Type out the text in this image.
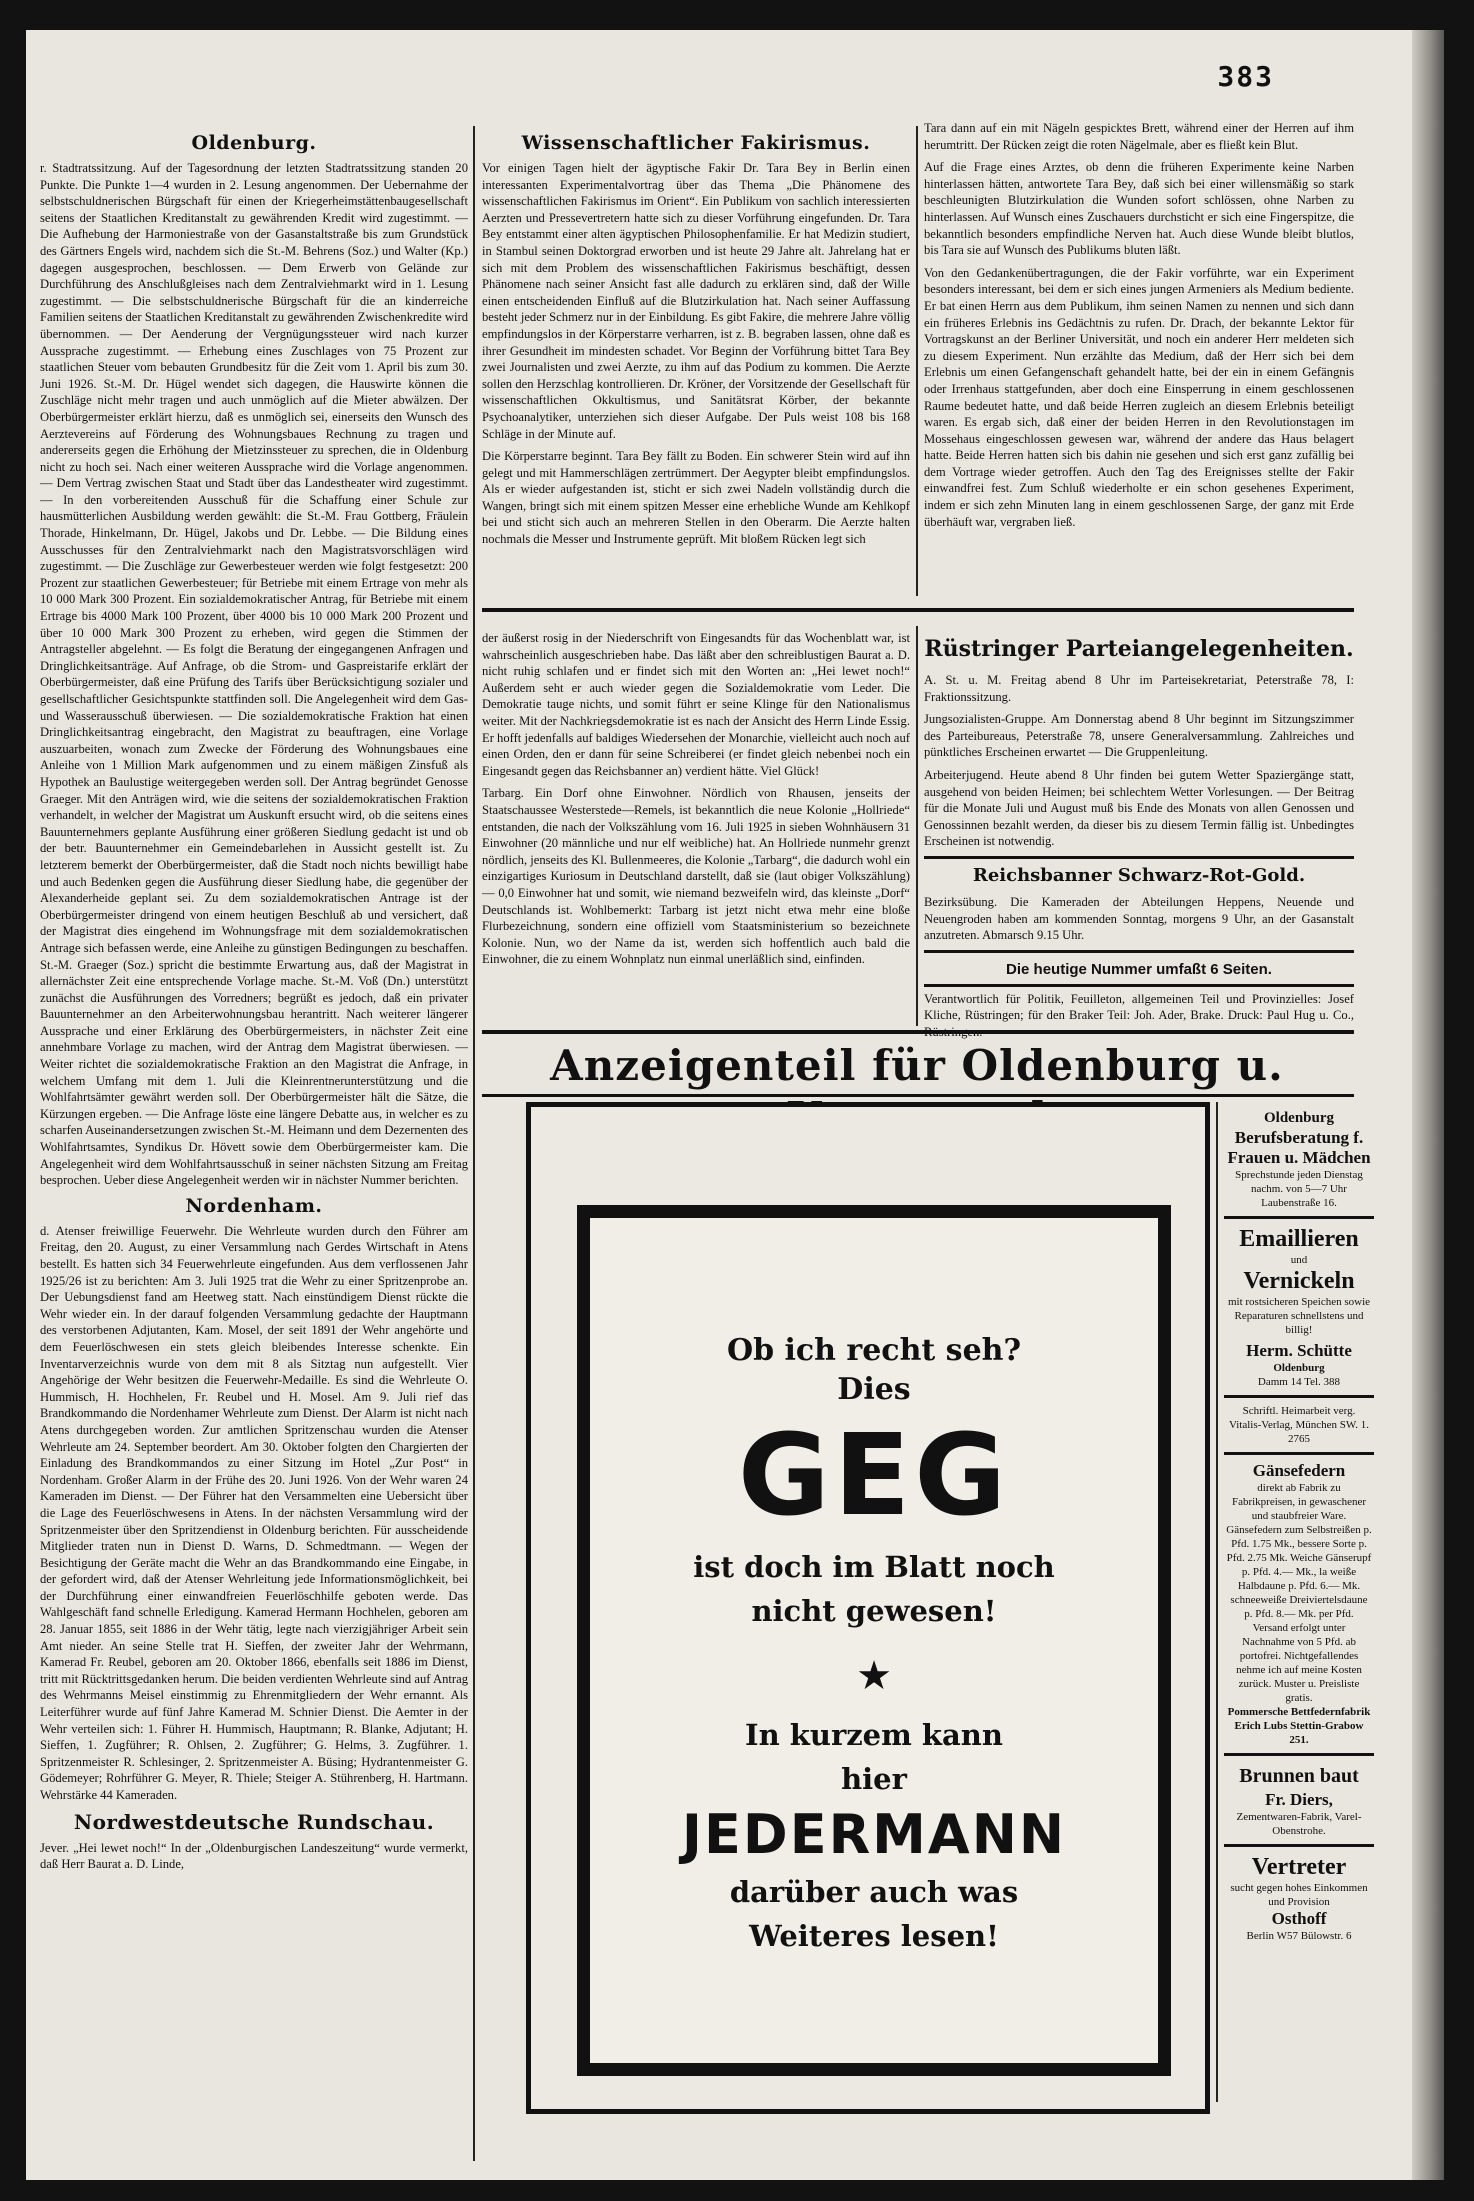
383
Oldenburg.

r. Stadtratssitzung. Auf der Tagesordnung der letzten Stadtratssitzung standen 20 Punkte. Die Punkte 1—4 wurden in 2. Lesung angenommen. Der Uebernahme der selbstschuldnerischen Bürgschaft für einen der Kriegerheimstättenbaugesellschaft seitens der Staatlichen Kreditanstalt zu gewährenden Kredit wird zugestimmt. — Die Aufhebung der Harmoniestraße von der Gasanstaltstraße bis zum Grundstück des Gärtners Engels wird, nachdem sich die St.-M. Behrens (Soz.) und Walter (Kp.) dagegen ausgesprochen, beschlossen. — Dem Erwerb von Gelände zur Durchführung des Anschlußgleises nach dem Zentralviehmarkt wird in 1. Lesung zugestimmt. — Die selbstschuldnerische Bürgschaft für die an kinderreiche Familien seitens der Staatlichen Kreditanstalt zu gewährenden Zwischenkredite wird übernommen. — Der Aenderung der Vergnügungssteuer wird nach kurzer Aussprache zugestimmt. — Erhebung eines Zuschlages von 75 Prozent zur staatlichen Steuer vom bebauten Grundbesitz für die Zeit vom 1. April bis zum 30. Juni 1926. St.-M. Dr. Hügel wendet sich dagegen, die Hauswirte können die Zuschläge nicht mehr tragen und auch unmöglich auf die Mieter abwälzen. Der Oberbürgermeister erklärt hierzu, daß es unmöglich sei, einerseits den Wunsch des Aerztevereins auf Förderung des Wohnungsbaues Rechnung zu tragen und andererseits gegen die Erhöhung der Mietzinssteuer zu sprechen, die in Oldenburg nicht zu hoch sei. Nach einer weiteren Aussprache wird die Vorlage angenommen. — Dem Vertrag zwischen Staat und Stadt über das Landestheater wird zugestimmt. — In den vorbereitenden Ausschuß für die Schaffung einer Schule zur hausmütterlichen Ausbildung werden gewählt: die St.-M. Frau Gottberg, Fräulein Thorade, Hinkelmann, Dr. Hügel, Jakobs und Dr. Lebbe. — Die Bildung eines Ausschusses für den Zentralviehmarkt nach den Magistratsvorschlägen wird zugestimmt. — Die Zuschläge zur Gewerbesteuer werden wie folgt festgesetzt: 200 Prozent zur staatlichen Gewerbesteuer; für Betriebe mit einem Ertrage von mehr als 10 000 Mark 300 Prozent. Ein sozialdemokratischer Antrag, für Betriebe mit einem Ertrage bis 4000 Mark 100 Prozent, über 4000 bis 10 000 Mark 200 Prozent und über 10 000 Mark 300 Prozent zu erheben, wird gegen die Stimmen der Antragsteller abgelehnt. — Es folgt die Beratung der eingegangenen Anfragen und Dringlichkeitsanträge. Auf Anfrage, ob die Strom- und Gaspreistarife erklärt der Oberbürgermeister, daß eine Prüfung des Tarifs über Berücksichtigung sozialer und gesellschaftlicher Gesichtspunkte stattfinden soll. Die Angelegenheit wird dem Gas- und Wasserausschuß überwiesen. — Die sozialdemokratische Fraktion hat einen Dringlichkeitsantrag eingebracht, den Magistrat zu beauftragen, eine Vorlage auszuarbeiten, wonach zum Zwecke der Förderung des Wohnungsbaues eine Anleihe von 1 Million Mark aufgenommen und zu einem mäßigen Zinsfuß als Hypothek an Baulustige weitergegeben werden soll. Der Antrag begründet Genosse Graeger. Mit den Anträgen wird, wie die seitens der sozialdemokratischen Fraktion verhandelt, in welcher der Magistrat um Auskunft ersucht wird, ob die seitens eines Bauunternehmers geplante Ausführung einer größeren Siedlung gedacht ist und ob der betr. Bauunternehmer ein Gemeindebarlehen in Aussicht gestellt ist. Zu letzterem bemerkt der Oberbürgermeister, daß die Stadt noch nichts bewilligt habe und auch Bedenken gegen die Ausführung dieser Siedlung habe, die gegenüber der Alexanderheide geplant sei. Zu dem sozialdemokratischen Antrage ist der Oberbürgermeister dringend von einem heutigen Beschluß ab und versichert, daß der Magistrat dies eingehend im Wohnungsfrage mit dem sozialdemokratischen Antrage sich befassen werde, eine Anleihe zu günstigen Bedingungen zu beschaffen. St.-M. Graeger (Soz.) spricht die bestimmte Erwartung aus, daß der Magistrat in allernächster Zeit eine entsprechende Vorlage mache. St.-M. Voß (Dn.) unterstützt zunächst die Ausführungen des Vorredners; begrüßt es jedoch, daß ein privater Bauunternehmer an den Arbeiterwohnungsbau herantritt. Nach weiterer längerer Aussprache und einer Erklärung des Oberbürgermeisters, in nächster Zeit eine annehmbare Vorlage zu machen, wird der Antrag dem Magistrat überwiesen. — Weiter richtet die sozialdemokratische Fraktion an den Magistrat die Anfrage, in welchem Umfang mit dem 1. Juli die Kleinrentnerunterstützung und die Wohlfahrtsämter gewährt werden soll. Der Oberbürgermeister hält die Sätze, die Kürzungen ergeben. — Die Anfrage löste eine längere Debatte aus, in welcher es zu scharfen Auseinandersetzungen zwischen St.-M. Heimann und dem Dezernenten des Wohlfahrtsamtes, Syndikus Dr. Hövett sowie dem Oberbürgermeister kam. Die Angelegenheit wird dem Wohlfahrtsausschuß in seiner nächsten Sitzung am Freitag besprochen. Ueber diese Angelegenheit werden wir in nächster Nummer berichten.

Nordenham.

d. Atenser freiwillige Feuerwehr. Die Wehrleute wurden durch den Führer am Freitag, den 20. August, zu einer Versammlung nach Gerdes Wirtschaft in Atens bestellt. Es hatten sich 34 Feuerwehrleute eingefunden. Aus dem verflossenen Jahr 1925/26 ist zu berichten: Am 3. Juli 1925 trat die Wehr zu einer Spritzenprobe an. Der Uebungsdienst fand am Heetweg statt. Nach einstündigem Dienst rückte die Wehr wieder ein. In der darauf folgenden Versammlung gedachte der Hauptmann des verstorbenen Adjutanten, Kam. Mosel, der seit 1891 der Wehr angehörte und dem Feuerlöschwesen ein stets gleich bleibendes Interesse schenkte. Ein Inventarverzeichnis wurde von dem mit 8 als Sitztag nun aufgestellt. Vier Angehörige der Wehr besitzen die Feuerwehr-Medaille. Es sind die Wehrleute O. Hummisch, H. Hochhelen, Fr. Reubel und H. Mosel. Am 9. Juli rief das Brandkommando die Nordenhamer Wehrleute zum Dienst. Der Alarm ist nicht nach Atens durchgegeben worden. Zur amtlichen Spritzenschau wurden die Atenser Wehrleute am 24. September beordert. Am 30. Oktober folgten den Chargierten der Einladung des Brandkommandos zu einer Sitzung im Hotel „Zur Post“ in Nordenham. Großer Alarm in der Frühe des 20. Juni 1926. Von der Wehr waren 24 Kameraden im Dienst. — Der Führer hat den Versammelten eine Uebersicht über die Lage des Feuerlöschwesens in Atens. In der nächsten Versammlung wird der Spritzenmeister über den Spritzendienst in Oldenburg berichten. Für ausscheidende Mitglieder traten nun in Dienst D. Warns, D. Schmedtmann. — Wegen der Besichtigung der Geräte macht die Wehr an das Brandkommando eine Eingabe, in der gefordert wird, daß der Atenser Wehrleitung jede Informationsmöglichkeit, bei der Durchführung einer einwandfreien Feuerlöschhilfe geboten werde. Das Wahlgeschäft fand schnelle Erledigung. Kamerad Hermann Hochhelen, geboren am 28. Januar 1855, seit 1886 in der Wehr tätig, legte nach vierzigjähriger Arbeit sein Amt nieder. An seine Stelle trat H. Sieffen, der zweiter Jahr der Wehrmann, Kamerad Fr. Reubel, geboren am 20. Oktober 1866, ebenfalls seit 1886 im Dienst, tritt mit Rücktrittsgedanken herum. Die beiden verdienten Wehrleute sind auf Antrag des Wehrmanns Meisel einstimmig zu Ehrenmitgliedern der Wehr ernannt. Als Leiterführer wurde auf fünf Jahre Kamerad M. Schnier Dienst. Die Aemter in der Wehr verteilen sich: 1. Führer H. Hummisch, Hauptmann; R. Blanke, Adjutant; H. Sieffen, 1. Zugführer; R. Ohlsen, 2. Zugführer; G. Helms, 3. Zugführer. 1. Spritzenmeister R. Schlesinger, 2. Spritzenmeister A. Büsing; Hydrantenmeister G. Gödemeyer; Rohrführer G. Meyer, R. Thiele; Steiger A. Stührenberg, H. Hartmann. Wehrstärke 44 Kameraden.

Nordwestdeutsche Rundschau.

Jever. „Hei lewet noch!“ In der „Oldenburgischen Landeszeitung“ wurde vermerkt, daß Herr Baurat a. D. Linde,

Wissenschaftlicher Fakirismus.

Vor einigen Tagen hielt der ägyptische Fakir Dr. Tara Bey in Berlin einen interessanten Experimentalvortrag über das Thema „Die Phänomene des wissenschaftlichen Fakirismus im Orient“. Ein Publikum von sachlich interessierten Aerzten und Pressevertretern hatte sich zu dieser Vorführung eingefunden. Dr. Tara Bey entstammt einer alten ägyptischen Philosophenfamilie. Er hat Medizin studiert, in Stambul seinen Doktorgrad erworben und ist heute 29 Jahre alt. Jahrelang hat er sich mit dem Problem des wissenschaftlichen Fakirismus beschäftigt, dessen Phänomene nach seiner Ansicht fast alle dadurch zu erklären sind, daß der Wille einen entscheidenden Einfluß auf die Blutzirkulation hat. Nach seiner Auffassung besteht jeder Schmerz nur in der Einbildung. Es gibt Fakire, die mehrere Jahre völlig empfindungslos in der Körperstarre verharren, ist z. B. begraben lassen, ohne daß es ihrer Gesundheit im mindesten schadet. Vor Beginn der Vorführung bittet Tara Bey zwei Journalisten und zwei Aerzte, zu ihm auf das Podium zu kommen. Die Aerzte sollen den Herzschlag kontrollieren. Dr. Kröner, der Vorsitzende der Gesellschaft für wissenschaftlichen Okkultismus, und Sanitätsrat Körber, der bekannte Psychoanalytiker, unterziehen sich dieser Aufgabe. Der Puls weist 108 bis 168 Schläge in der Minute auf.

Die Körperstarre beginnt. Tara Bey fällt zu Boden. Ein schwerer Stein wird auf ihn gelegt und mit Hammerschlägen zertrümmert. Der Aegypter bleibt empfindungslos. Als er wieder aufgestanden ist, sticht er sich zwei Nadeln vollständig durch die Wangen, bringt sich mit einem spitzen Messer eine erhebliche Wunde am Kehlkopf bei und sticht sich auch an mehreren Stellen in den Oberarm. Die Aerzte halten nochmals die Messer und Instrumente geprüft. Mit bloßem Rücken legt sich

Tara dann auf ein mit Nägeln gespicktes Brett, während einer der Herren auf ihm herumtritt. Der Rücken zeigt die roten Nägelmale, aber es fließt kein Blut.

Auf die Frage eines Arztes, ob denn die früheren Experimente keine Narben hinterlassen hätten, antwortete Tara Bey, daß sich bei einer willensmäßig so stark beschleunigten Blutzirkulation die Wunden sofort schlössen, ohne Narben zu hinterlassen. Auf Wunsch eines Zuschauers durchsticht er sich eine Fingerspitze, die bekanntlich besonders empfindliche Nerven hat. Auch diese Wunde bleibt blutlos, bis Tara sie auf Wunsch des Publikums bluten läßt.

Von den Gedankenübertragungen, die der Fakir vorführte, war ein Experiment besonders interessant, bei dem er sich eines jungen Armeniers als Medium bediente. Er bat einen Herrn aus dem Publikum, ihm seinen Namen zu nennen und sich dann ein früheres Erlebnis ins Gedächtnis zu rufen. Dr. Drach, der bekannte Lektor für Vortragskunst an der Berliner Universität, und noch ein anderer Herr meldeten sich zu diesem Experiment. Nun erzählte das Medium, daß der Herr sich bei dem Erlebnis um einen Gefangenschaft gehandelt hatte, bei der ein in einem Gefängnis oder Irrenhaus stattgefunden, aber doch eine Einsperrung in einem geschlossenen Raume bedeutet hatte, und daß beide Herren zugleich an diesem Erlebnis beteiligt waren. Es ergab sich, daß einer der beiden Herren in den Revolutionstagen im Mossehaus eingeschlossen gewesen war, während der andere das Haus belagert hatte. Beide Herren hatten sich bis dahin nie gesehen und sich erst ganz zufällig bei dem Vortrage wieder getroffen. Auch den Tag des Ereignisses stellte der Fakir einwandfrei fest. Zum Schluß wiederholte er ein schon gesehenes Experiment, indem er sich zehn Minuten lang in einem geschlossenen Sarge, der ganz mit Erde überhäuft war, vergraben ließ.

der äußerst rosig in der Niederschrift von Eingesandts für das Wochenblatt war, ist wahrscheinlich ausgeschrieben habe. Das läßt aber den schreiblustigen Baurat a. D. nicht ruhig schlafen und er findet sich mit den Worten an: „Hei lewet noch!“ Außerdem seht er auch wieder gegen die Sozialdemokratie vom Leder. Die Demokratie tauge nichts, und somit führt er seine Klinge für den Nationalismus weiter. Mit der Nachkriegsdemokratie ist es nach der Ansicht des Herrn Linde Essig. Er hofft jedenfalls auf baldiges Wiedersehen der Monarchie, vielleicht auch noch auf einen Orden, den er dann für seine Schreiberei (er findet gleich nebenbei noch ein Eingesandt gegen das Reichsbanner an) verdient hätte. Viel Glück!

Tarbarg. Ein Dorf ohne Einwohner. Nördlich von Rhausen, jenseits der Staatschaussee Westerstede—Remels, ist bekanntlich die neue Kolonie „Hollriede“ entstanden, die nach der Volkszählung vom 16. Juli 1925 in sieben Wohnhäusern 31 Einwohner (20 männliche und nur elf weibliche) hat. An Hollriede nunmehr grenzt nördlich, jenseits des Kl. Bullenmeeres, die Kolonie „Tarbarg“, die dadurch wohl ein einzigartiges Kuriosum in Deutschland darstellt, daß sie (laut obiger Volkszählung) — 0,0 Einwohner hat und somit, wie niemand bezweifeln wird, das kleinste „Dorf“ Deutschlands ist. Wohlbemerkt: Tarbarg ist jetzt nicht etwa mehr eine bloße Flurbezeichnung, sondern eine offiziell vom Staatsministerium so bezeichnete Kolonie. Nun, wo der Name da ist, werden sich hoffentlich auch bald die Einwohner, die zu einem Wohnplatz nun einmal unerläßlich sind, einfinden.

Rüstringer Parteiangelegenheiten.

A. St. u. M. Freitag abend 8 Uhr im Parteisekretariat, Peterstraße 78, I: Fraktionssitzung.

Jungsozialisten-Gruppe. Am Donnerstag abend 8 Uhr beginnt im Sitzungszimmer des Parteibureaus, Peterstraße 78, unsere Generalversammlung. Zahlreiches und pünktliches Erscheinen erwartet — Die Gruppenleitung.

Arbeiterjugend. Heute abend 8 Uhr finden bei gutem Wetter Spaziergänge statt, ausgehend von beiden Heimen; bei schlechtem Wetter Vorlesungen. — Der Beitrag für die Monate Juli und August muß bis Ende des Monats von allen Genossen und Genossinnen bezahlt werden, da dieser bis zu diesem Termin fällig ist. Unbedingtes Erscheinen ist notwendig.

Reichsbanner Schwarz-Rot-Gold.

Bezirksübung. Die Kameraden der Abteilungen Heppens, Neuende und Neuengroden haben am kommenden Sonntag, morgens 9 Uhr, an der Gasanstalt anzutreten. Abmarsch 9.15 Uhr.

Die heutige Nummer umfaßt 6 Seiten.

Verantwortlich für Politik, Feuilleton, allgemeinen Teil und Provinzielles: Josef Kliche, Rüstringen; für den Braker Teil: Joh. Ader, Brake. Druck: Paul Hug u. Co.,

Anzeigenteil für Oldenburg u.
Ob ich recht seh?
Dies
GEG
ist doch im Blatt noch nicht gewesen!
★
In kurzem kann hier
JEDERMANN
darüber auch was Weiteres lesen!
Oldenburg
Berufsberatung f. Frauen u. Mädchen
Sprechstunde jeden Dienstag nachm. von 5—7 Uhr Laubenstraße 16.
Emaillieren
und
Vernickeln
mit rostsicheren Speichen sowie Reparaturen schnellstens und billig!
Herm. Schütte
Oldenburg
Damm 14 Tel. 388
Schriftl. Heimarbeit verg. Vitalis-Verlag, München SW. 1. 2765
Gänsefedern
direkt ab Fabrik zu Fabrikpreisen, in gewaschener und staubfreier Ware. Gänsefedern zum Selbstreißen p. Pfd. 1.75 Mk., bessere Sorte p. Pfd. 2.75 Mk. Weiche Gänserupf p. Pfd. 4.— Mk., la weiße Halbdaune p. Pfd. 6.— Mk. schneeweiße Dreiviertelsdaune p. Pfd. 8.— Mk. per Pfd. Versand erfolgt unter Nachnahme von 5 Pfd. ab portofrei. Nichtgefallendes nehme ich auf meine Kosten zurück. Muster u. Preisliste gratis.
Pommersche Bettfedernfabrik Erich Lubs Stettin-Grabow 251.
Brunnen baut
Fr. Diers,
Zementwaren-Fabrik, Varel-Obenstrohe.
Vertreter
sucht gegen hohes Einkommen und Provision
Osthoff
Berlin W57 Bülowstr. 6
